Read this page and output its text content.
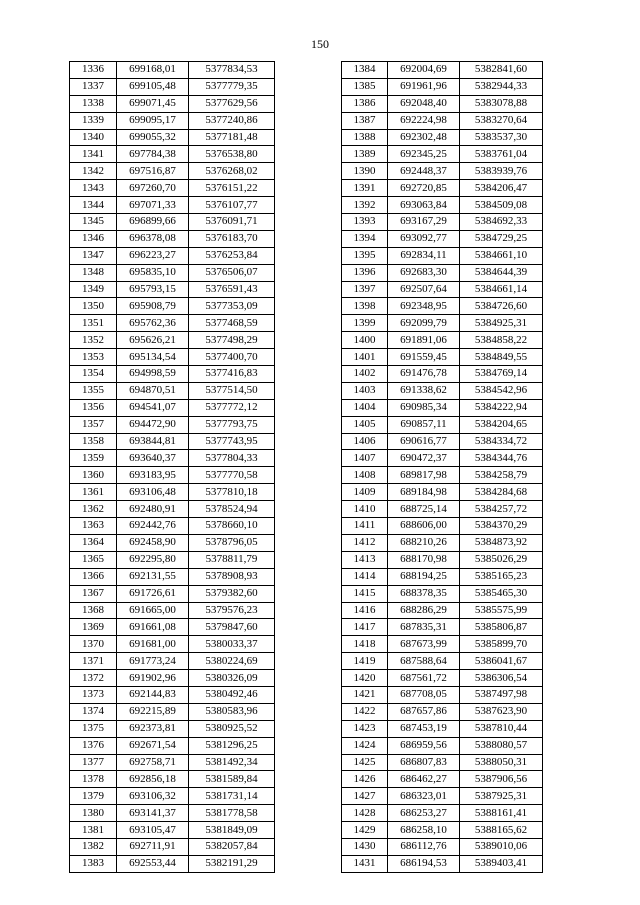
150
1336	699168,01	5377834,53
1337	699105,48	5377779,35
1338	699071,45	5377629,56
1339	699095,17	5377240,86
1340	699055,32	5377181,48
1341	697784,38	5376538,80
1342	697516,87	5376268,02
1343	697260,70	5376151,22
1344	697071,33	5376107,77
1345	696899,66	5376091,71
1346	696378,08	5376183,70
1347	696223,27	5376253,84
1348	695835,10	5376506,07
1349	695793,15	5376591,43
1350	695908,79	5377353,09
1351	695762,36	5377468,59
1352	695626,21	5377498,29
1353	695134,54	5377400,70
1354	694998,59	5377416,83
1355	694870,51	5377514,50
1356	694541,07	5377772,12
1357	694472,90	5377793,75
1358	693844,81	5377743,95
1359	693640,37	5377804,33
1360	693183,95	5377770,58
1361	693106,48	5377810,18
1362	692480,91	5378524,94
1363	692442,76	5378660,10
1364	692458,90	5378796,05
1365	692295,80	5378811,79
1366	692131,55	5378908,93
1367	691726,61	5379382,60
1368	691665,00	5379576,23
1369	691661,08	5379847,60
1370	691681,00	5380033,37
1371	691773,24	5380224,69
1372	691902,96	5380326,09
1373	692144,83	5380492,46
1374	692215,89	5380583,96
1375	692373,81	5380925,52
1376	692671,54	5381296,25
1377	692758,71	5381492,34
1378	692856,18	5381589,84
1379	693106,32	5381731,14
1380	693141,37	5381778,58
1381	693105,47	5381849,09
1382	692711,91	5382057,84
1383	692553,44	5382191,29
1384	692004,69	5382841,60
1385	691961,96	5382944,33
1386	692048,40	5383078,88
1387	692224,98	5383270,64
1388	692302,48	5383537,30
1389	692345,25	5383761,04
1390	692448,37	5383939,76
1391	692720,85	5384206,47
1392	693063,84	5384509,08
1393	693167,29	5384692,33
1394	693092,77	5384729,25
1395	692834,11	5384661,10
1396	692683,30	5384644,39
1397	692507,64	5384661,14
1398	692348,95	5384726,60
1399	692099,79	5384925,31
1400	691891,06	5384858,22
1401	691559,45	5384849,55
1402	691476,78	5384769,14
1403	691338,62	5384542,96
1404	690985,34	5384222,94
1405	690857,11	5384204,65
1406	690616,77	5384334,72
1407	690472,37	5384344,76
1408	689817,98	5384258,79
1409	689184,98	5384284,68
1410	688725,14	5384257,72
1411	688606,00	5384370,29
1412	688210,26	5384873,92
1413	688170,98	5385026,29
1414	688194,25	5385165,23
1415	688378,35	5385465,30
1416	688286,29	5385575,99
1417	687835,31	5385806,87
1418	687673,99	5385899,70
1419	687588,64	5386041,67
1420	687561,72	5386306,54
1421	687708,05	5387497,98
1422	687657,86	5387623,90
1423	687453,19	5387810,44
1424	686959,56	5388080,57
1425	686807,83	5388050,31
1426	686462,27	5387906,56
1427	686323,01	5387925,31
1428	686253,27	5388161,41
1429	686258,10	5388165,62
1430	686112,76	5389010,06
1431	686194,53	5389403,41
